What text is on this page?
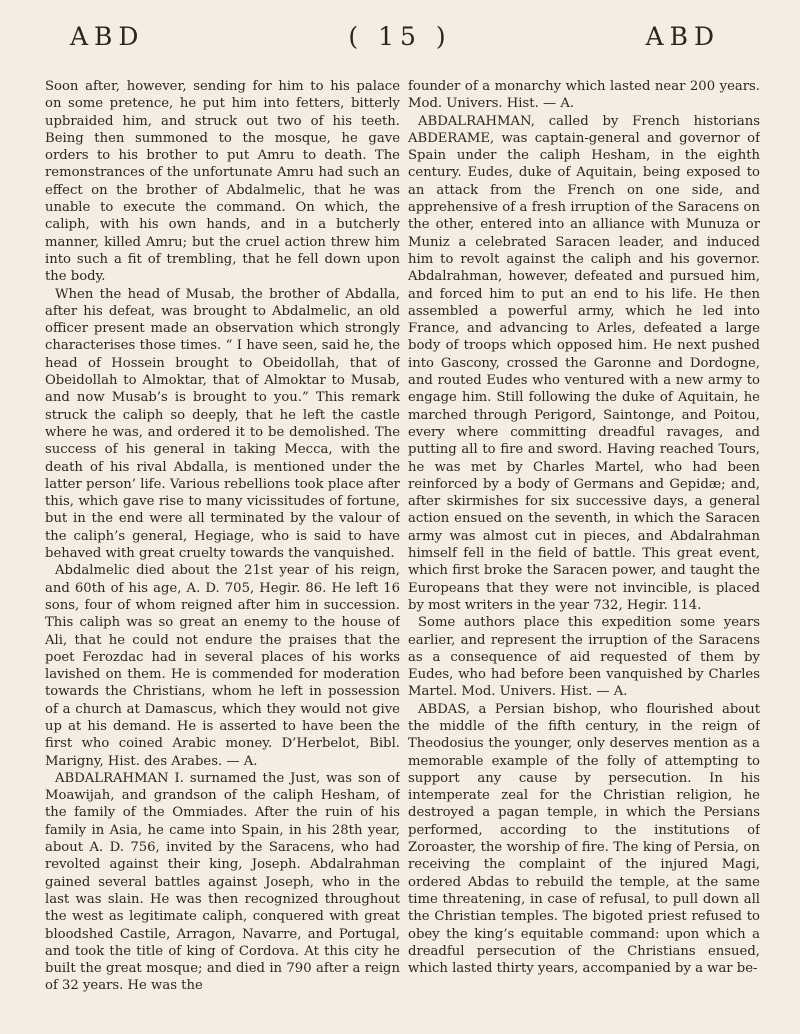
ABD	( 15 )	ABD

Soon after, however, sending for him to his palace on some pretence, he put him into fetters, bitterly upbraided him, and struck out two of his teeth. Being then summoned to the mosque, he gave orders to his brother to put Amru to death. The remonstrances of the unfortunate Amru had such an effect on the brother of Abdalmelic, that he was unable to execute the command. On which, the caliph, with his own hands, and in a butcherly manner, killed Amru; but the cruel action threw him into such a fit of trembling, that he fell down upon the body.

When the head of Musab, the brother of Abdalla, after his defeat, was brought to Abdalmelic, an old officer present made an observation which strongly characterises those times. “ I have seen, said he, the head of Hossein brought to Obeidollah, that of Obeidollah to Almoktar, that of Almoktar to Musab, and now Musab’s is brought to you.” This remark struck the caliph so deeply, that he left the castle where he was, and ordered it to be demolished. The success of his general in taking Mecca, with the death of his rival Abdalla, is mentioned under the latter person’ life. Various rebellions took place after this, which gave rise to many vicissitudes of fortune, but in the end were all terminated by the valour of the caliph’s general, Hegiage, who is said to have behaved with great cruelty towards the vanquished.

Abdalmelic died about the 21st year of his reign, and 60th of his age, A. D. 705, Hegir. 86. He left 16 sons, four of whom reigned after him in succession. This caliph was so great an enemy to the house of Ali, that he could not endure the praises that the poet Ferozdac had in several places of his works lavished on them. He is commended for moderation towards the Christians, whom he left in possession of a church at Damascus, which they would not give up at his demand. He is asserted to have been the first who coined Arabic money. D’Herbelot, Bibl. Marigny, Hist. des Arabes. — A.

ABDALRAHMAN I. surnamed the Just, was son of Moawijah, and grandson of the caliph Hesham, of the family of the Ommiades. After the ruin of his family in Asia, he came into Spain, in his 28th year, about A. D. 756, invited by the Saracens, who had revolted against their king, Joseph. Abdalrahman gained several battles against Joseph, who in the last was slain. He was then recognized throughout the west as legitimate caliph, conquered with great bloodshed Castile, Arragon, Navarre, and Portugal, and took the title of king of Cordova. At this city he built the great mosque; and died in 790 after a reign of 32 years. He was the

founder of a monarchy which lasted near 200 years. Mod. Univers. Hist. — A.

ABDALRAHMAN, called by French historians ABDERAME, was captain-general and governor of Spain under the caliph Hesham, in the eighth century. Eudes, duke of Aquitain, being exposed to an attack from the French on one side, and apprehensive of a fresh irruption of the Saracens on the other, entered into an alliance with Munuza or Muniz a celebrated Saracen leader, and induced him to revolt against the caliph and his governor. Abdalrahman, however, defeated and pursued him, and forced him to put an end to his life. He then assembled a powerful army, which he led into France, and advancing to Arles, defeated a large body of troops which opposed him. He next pushed into Gascony, crossed the Garonne and Dordogne, and routed Eudes who ventured with a new army to engage him. Still following the duke of Aquitain, he marched through Perigord, Saintonge, and Poitou, every where committing dreadful ravages, and putting all to fire and sword. Having reached Tours, he was met by Charles Martel, who had been reinforced by a body of Germans and Gepidæ; and, after skirmishes for six successive days, a general action ensued on the seventh, in which the Saracen army was almost cut in pieces, and Abdalrahman himself fell in the field of battle. This great event, which first broke the Saracen power, and taught the Europeans that they were not invincible, is placed by most writers in the year 732, Hegir. 114.

Some authors place this expedition some years earlier, and represent the irruption of the Saracens as a consequence of aid requested of them by Eudes, who had before been vanquished by Charles Martel. Mod. Univers. Hist. — A.

ABDAS, a Persian bishop, who flourished about the middle of the fifth century, in the reign of Theodosius the younger, only deserves mention as a memorable example of the folly of attempting to support any cause by persecution. In his intemperate zeal for the Christian religion, he destroyed a pagan temple, in which the Persians performed, according to the institutions of Zoroaster, the worship of fire. The king of Persia, on receiving the complaint of the injured Magi, ordered Abdas to rebuild the temple, at the same time threatening, in case of refusal, to pull down all the Christian temples. The bigoted priest refused to obey the king’s equitable command: upon which a dreadful persecution of the Christians ensued, which lasted thirty years, accompanied by a war be-
